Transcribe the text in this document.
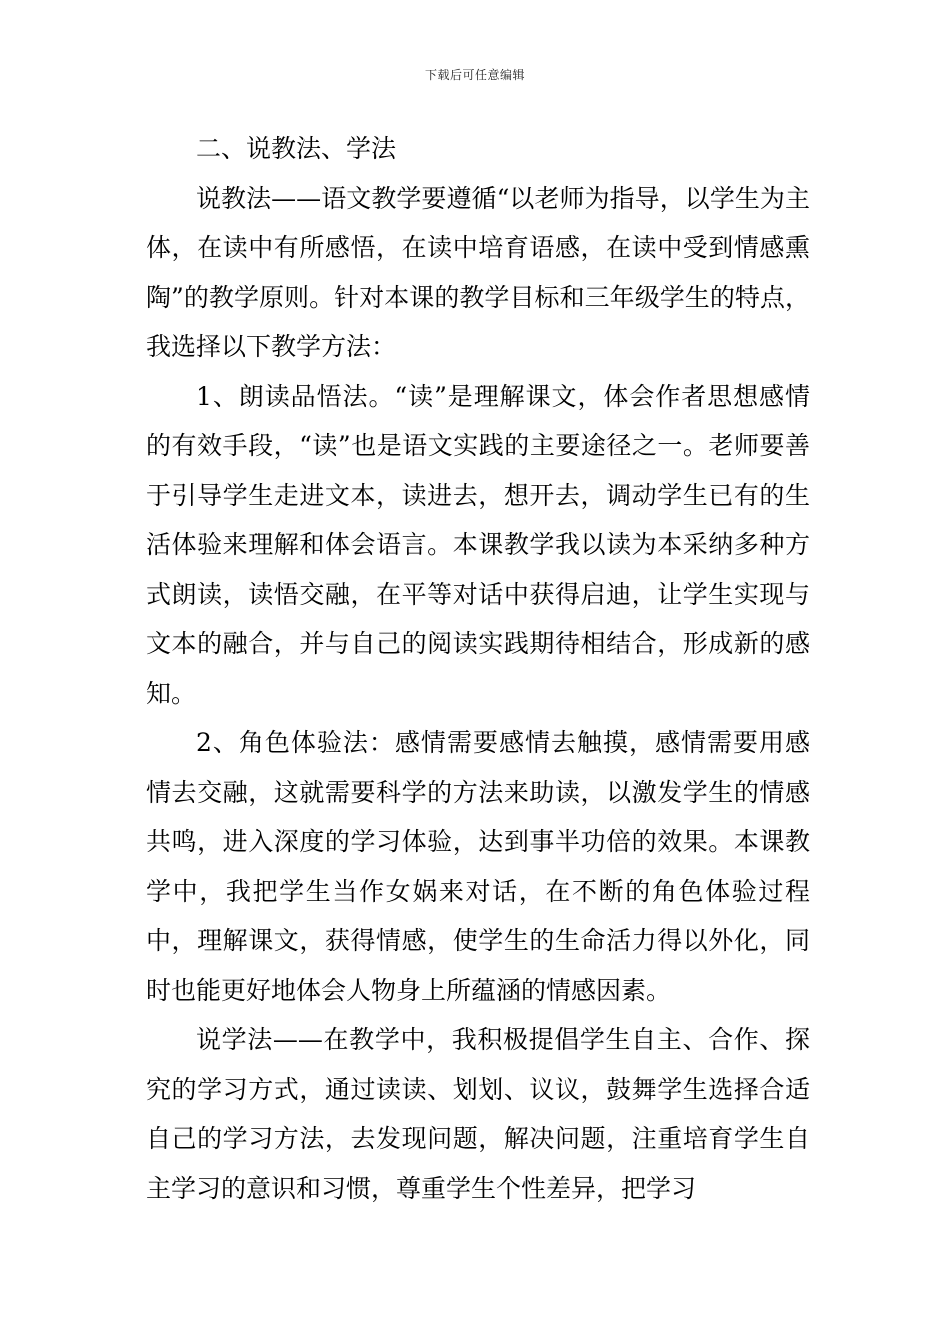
下载后可任意编辑

二、说教法、学法

说教法——语文教学要遵循“以老师为指导，以学生为主体，在读中有所感悟，在读中培育语感，在读中受到情感熏陶”的教学原则。针对本课的教学目标和三年级学生的特点，我选择以下教学方法：

1、朗读品悟法。“读”是理解课文，体会作者思想感情的有效手段，“读”也是语文实践的主要途径之一。老师要善于引导学生走进文本，读进去，想开去，调动学生已有的生活体验来理解和体会语言。本课教学我以读为本采纳多种方式朗读，读悟交融，在平等对话中获得启迪，让学生实现与文本的融合，并与自己的阅读实践期待相结合，形成新的感知。

2、角色体验法：感情需要感情去触摸，感情需要用感情去交融，这就需要科学的方法来助读，以激发学生的情感共鸣，进入深度的学习体验，达到事半功倍的效果。本课教学中，我把学生当作女娲来对话，在不断的角色体验过程中，理解课文，获得情感，使学生的生命活力得以外化，同时也能更好地体会人物身上所蕴涵的情感因素。

说学法——在教学中，我积极提倡学生自主、合作、探究的学习方式，通过读读、划划、议议，鼓舞学生选择合适自己的学习方法，去发现问题，解决问题，注重培育学生自主学习的意识和习惯，尊重学生个性差异，把学习
